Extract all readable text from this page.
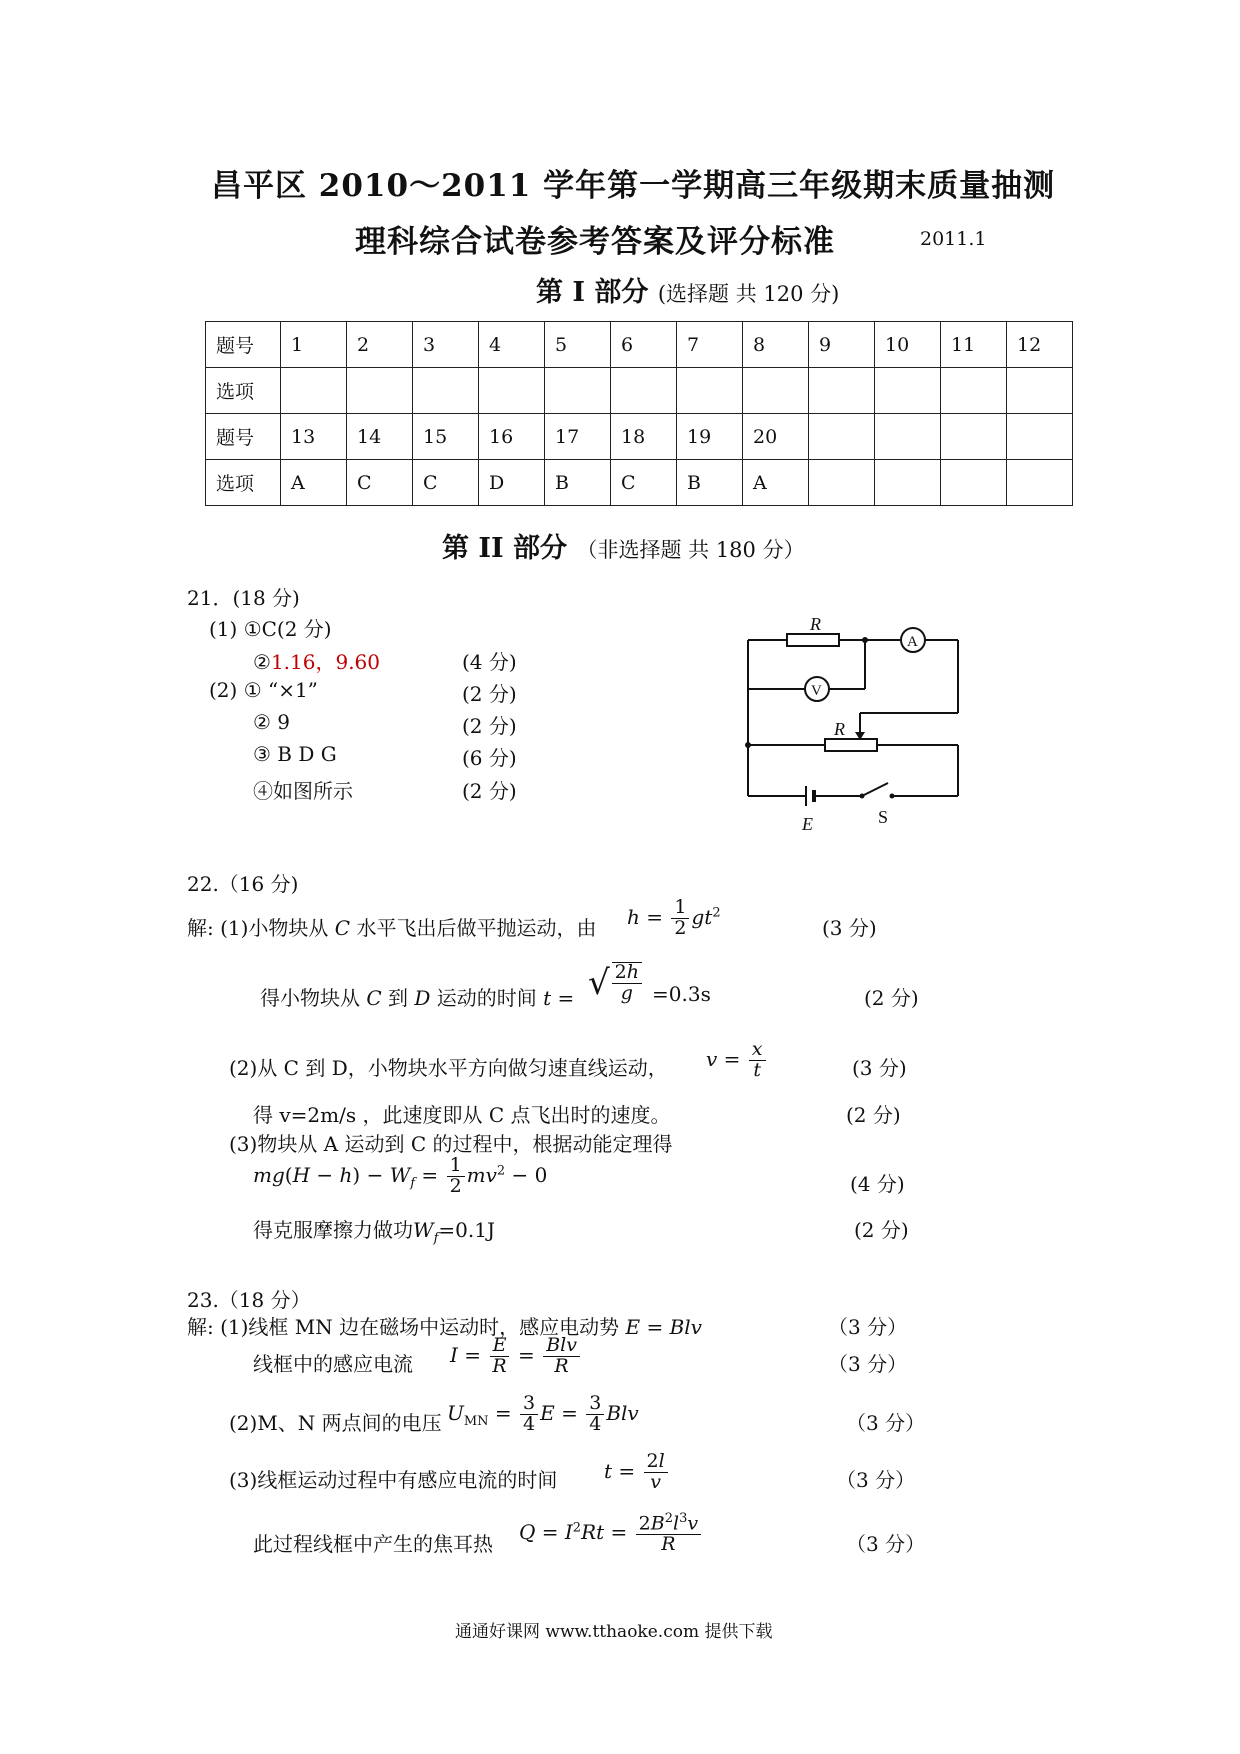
昌平区 2010～2011 学年第一学期高三年级期末质量抽测
理科综合试卷参考答案及评分标准	2011.1
第 I 部分 (选择题 共 120 分)
题号	1	2	3	4	5	6	7	8	9	10	11	12
选项												
题号	13	14	15	16	17	18	19	20				
选项	A	C	C	D	B	C	B	A				
第 II 部分 （非选择题 共 180 分）
21．(18 分)
(1) ①C(2 分)
②1.16，9.60	(4 分)
(2) ① “×1”	(2 分)
② 9	(2 分)
③ B D G	(6 分)
④如图所示	(2 分)
R
A
V
R
E	S
22.（16 分)
解: (1)小物块从 C 水平飞出后做平抛运动，由 $h = \frac{1}{2} gt^2$
(3 分)
得小物块从 C 到 D 运动的时间 t = √ $\frac{2h}{g} =0.3s$	(2 分)
(2)从 C 到 D，小物块水平方向做匀速直线运动， $v = \frac{x}{t}$	(3 分)
得 v=2m/s ，此速度即从 C 点飞出时的速度。	(2 分)
(3)物块从 A 运动到 C 的过程中，根据动能定理得
$mg(H - h) - W_f = \frac{1}{2} mv^2 - 0$	(4 分)
得克服摩擦力做功$W_f=0.1J$	(2 分)
23.（18 分）
解: (1)线框 MN 边在磁场中运动时，感应电动势 E = Blv	（3 分）
线框中的感应电流 $I = \frac{E}{R} = \frac{\text{Blv}}{R}$	（3 分）
(2)M、N 两点间的电压 $U_{MN} = \frac{3}{4}$ $E = \frac{3}{4}$ Blv	（3 分）
(3)线框运动过程中有感应电流的时间 $t = \frac{2l}{v}$	（3 分）
此过程线框中产生的焦耳热 $Q = I^2Rt = \frac{2B^2l^3v}{R}$	（3 分）
通通好课网 www.tthaoke.com 提供下载
